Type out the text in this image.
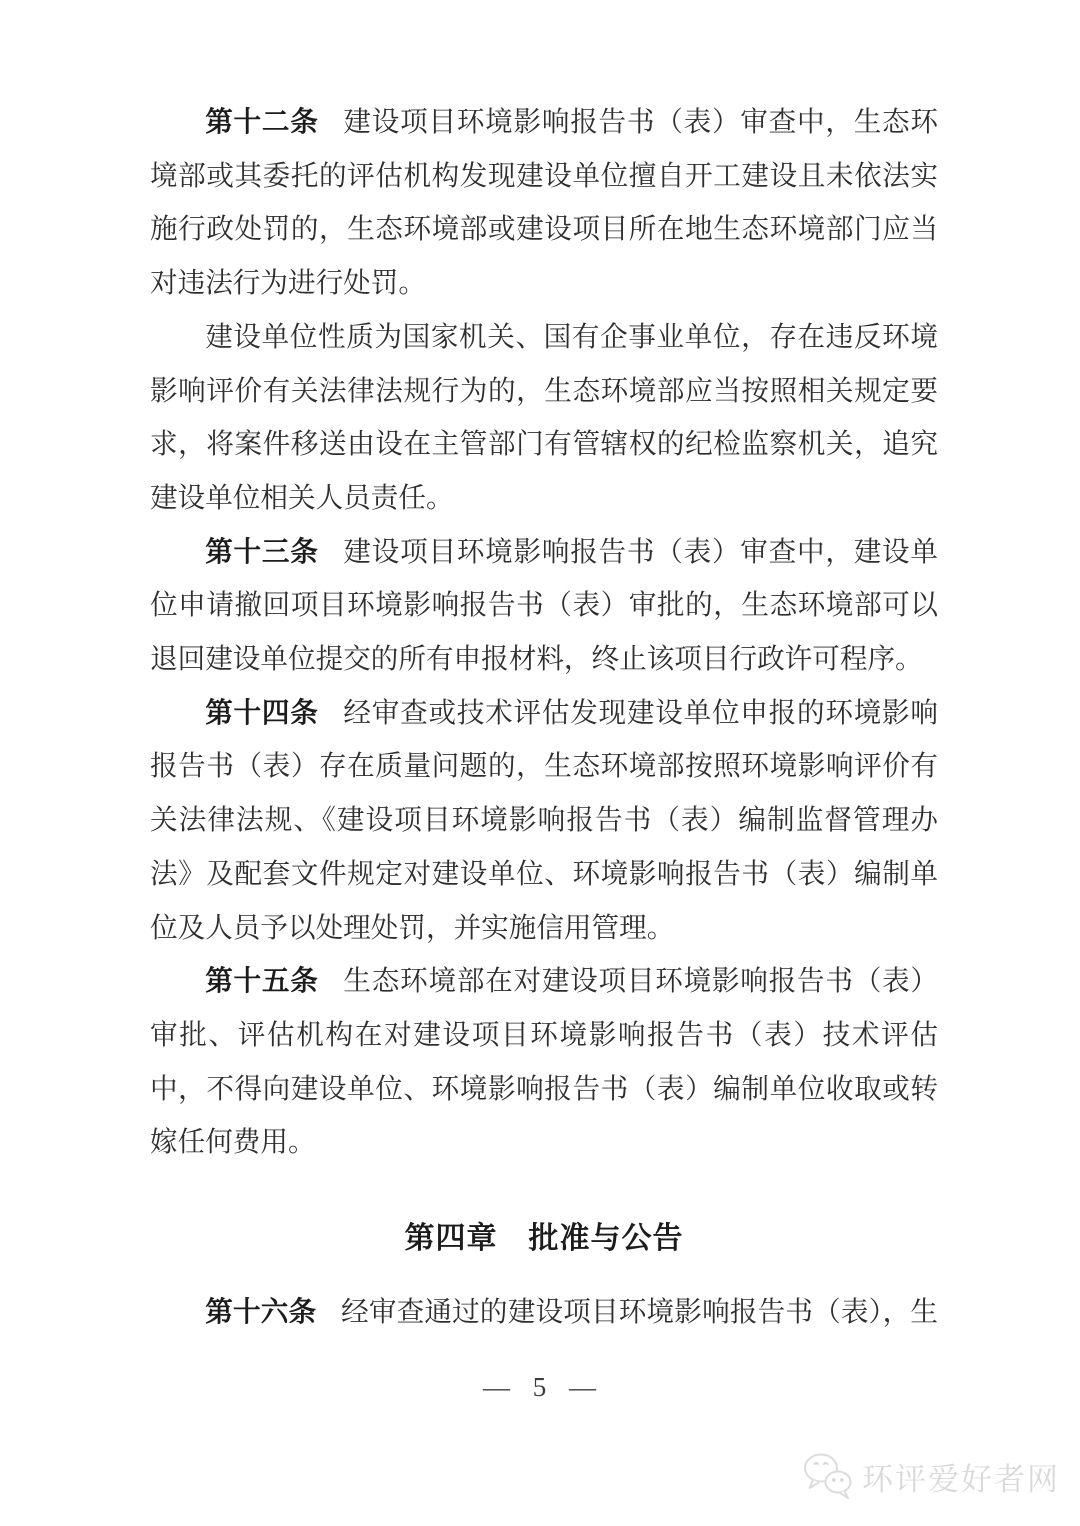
第十二条 建设项目环境影响报告书（表）审查中，生态环境部或其委托的评估机构发现建设单位擅自开工建设且未依法实施行政处罚的，生态环境部或建设项目所在地生态环境部门应当对违法行为进行处罚。

建设单位性质为国家机关、国有企事业单位，存在违反环境影响评价有关法律法规行为的，生态环境部应当按照相关规定要求，将案件移送由设在主管部门有管辖权的纪检监察机关，追究建设单位相关人员责任。

第十三条 建设项目环境影响报告书（表）审查中，建设单位申请撤回项目环境影响报告书（表）审批的，生态环境部可以退回建设单位提交的所有申报材料，终止该项目行政许可程序。

第十四条 经审查或技术评估发现建设单位申报的环境影响报告书（表）存在质量问题的，生态环境部按照环境影响评价有关法律法规、《建设项目环境影响报告书（表）编制监督管理办法》及配套文件规定对建设单位、环境影响报告书（表）编制单位及人员予以处理处罚，并实施信用管理。

第十五条 生态环境部在对建设项目环境影响报告书（表）审批、评估机构在对建设项目环境影响报告书（表）技术评估中，不得向建设单位、环境影响报告书（表）编制单位收取或转嫁任何费用。

第四章　批准与公告

第十六条 经审查通过的建设项目环境影响报告书（表），生

— 5 —
环评爱好者网
